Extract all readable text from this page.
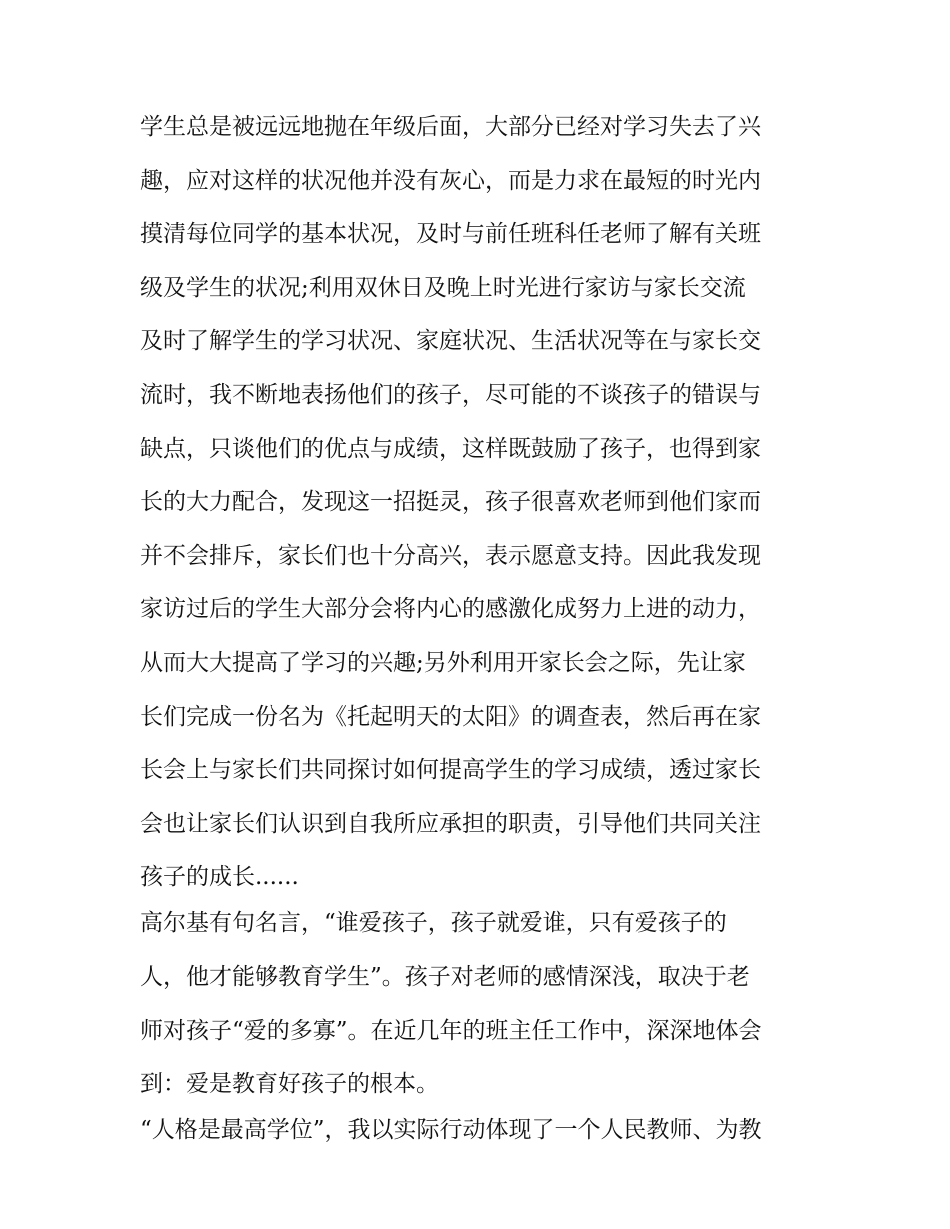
学生总是被远远地抛在年级后面，大部分已经对学习失去了兴
趣，应对这样的状况他并没有灰心，而是力求在最短的时光内
摸清每位同学的基本状况，及时与前任班科任老师了解有关班
级及学生的状况;利用双休日及晚上时光进行家访与家长交流
及时了解学生的学习状况、家庭状况、生活状况等在与家长交
流时，我不断地表扬他们的孩子，尽可能的不谈孩子的错误与
缺点，只谈他们的优点与成绩，这样既鼓励了孩子，也得到家
长的大力配合，发现这一招挺灵，孩子很喜欢老师到他们家而
并不会排斥，家长们也十分高兴，表示愿意支持。因此我发现
家访过后的学生大部分会将内心的感激化成努力上进的动力，
从而大大提高了学习的兴趣;另外利用开家长会之际，先让家
长们完成一份名为《托起明天的太阳》的调查表，然后再在家
长会上与家长们共同探讨如何提高学生的学习成绩，透过家长
会也让家长们认识到自我所应承担的职责，引导他们共同关注
孩子的成长......
高尔基有句名言，“谁爱孩子，孩子就爱谁，只有爱孩子的
人，他才能够教育学生”。孩子对老师的感情深浅，取决于老
师对孩子“爱的多寡”。在近几年的班主任工作中，深深地体会
到：爱是教育好孩子的根本。
“人格是最高学位”，我以实际行动体现了一个人民教师、为教
